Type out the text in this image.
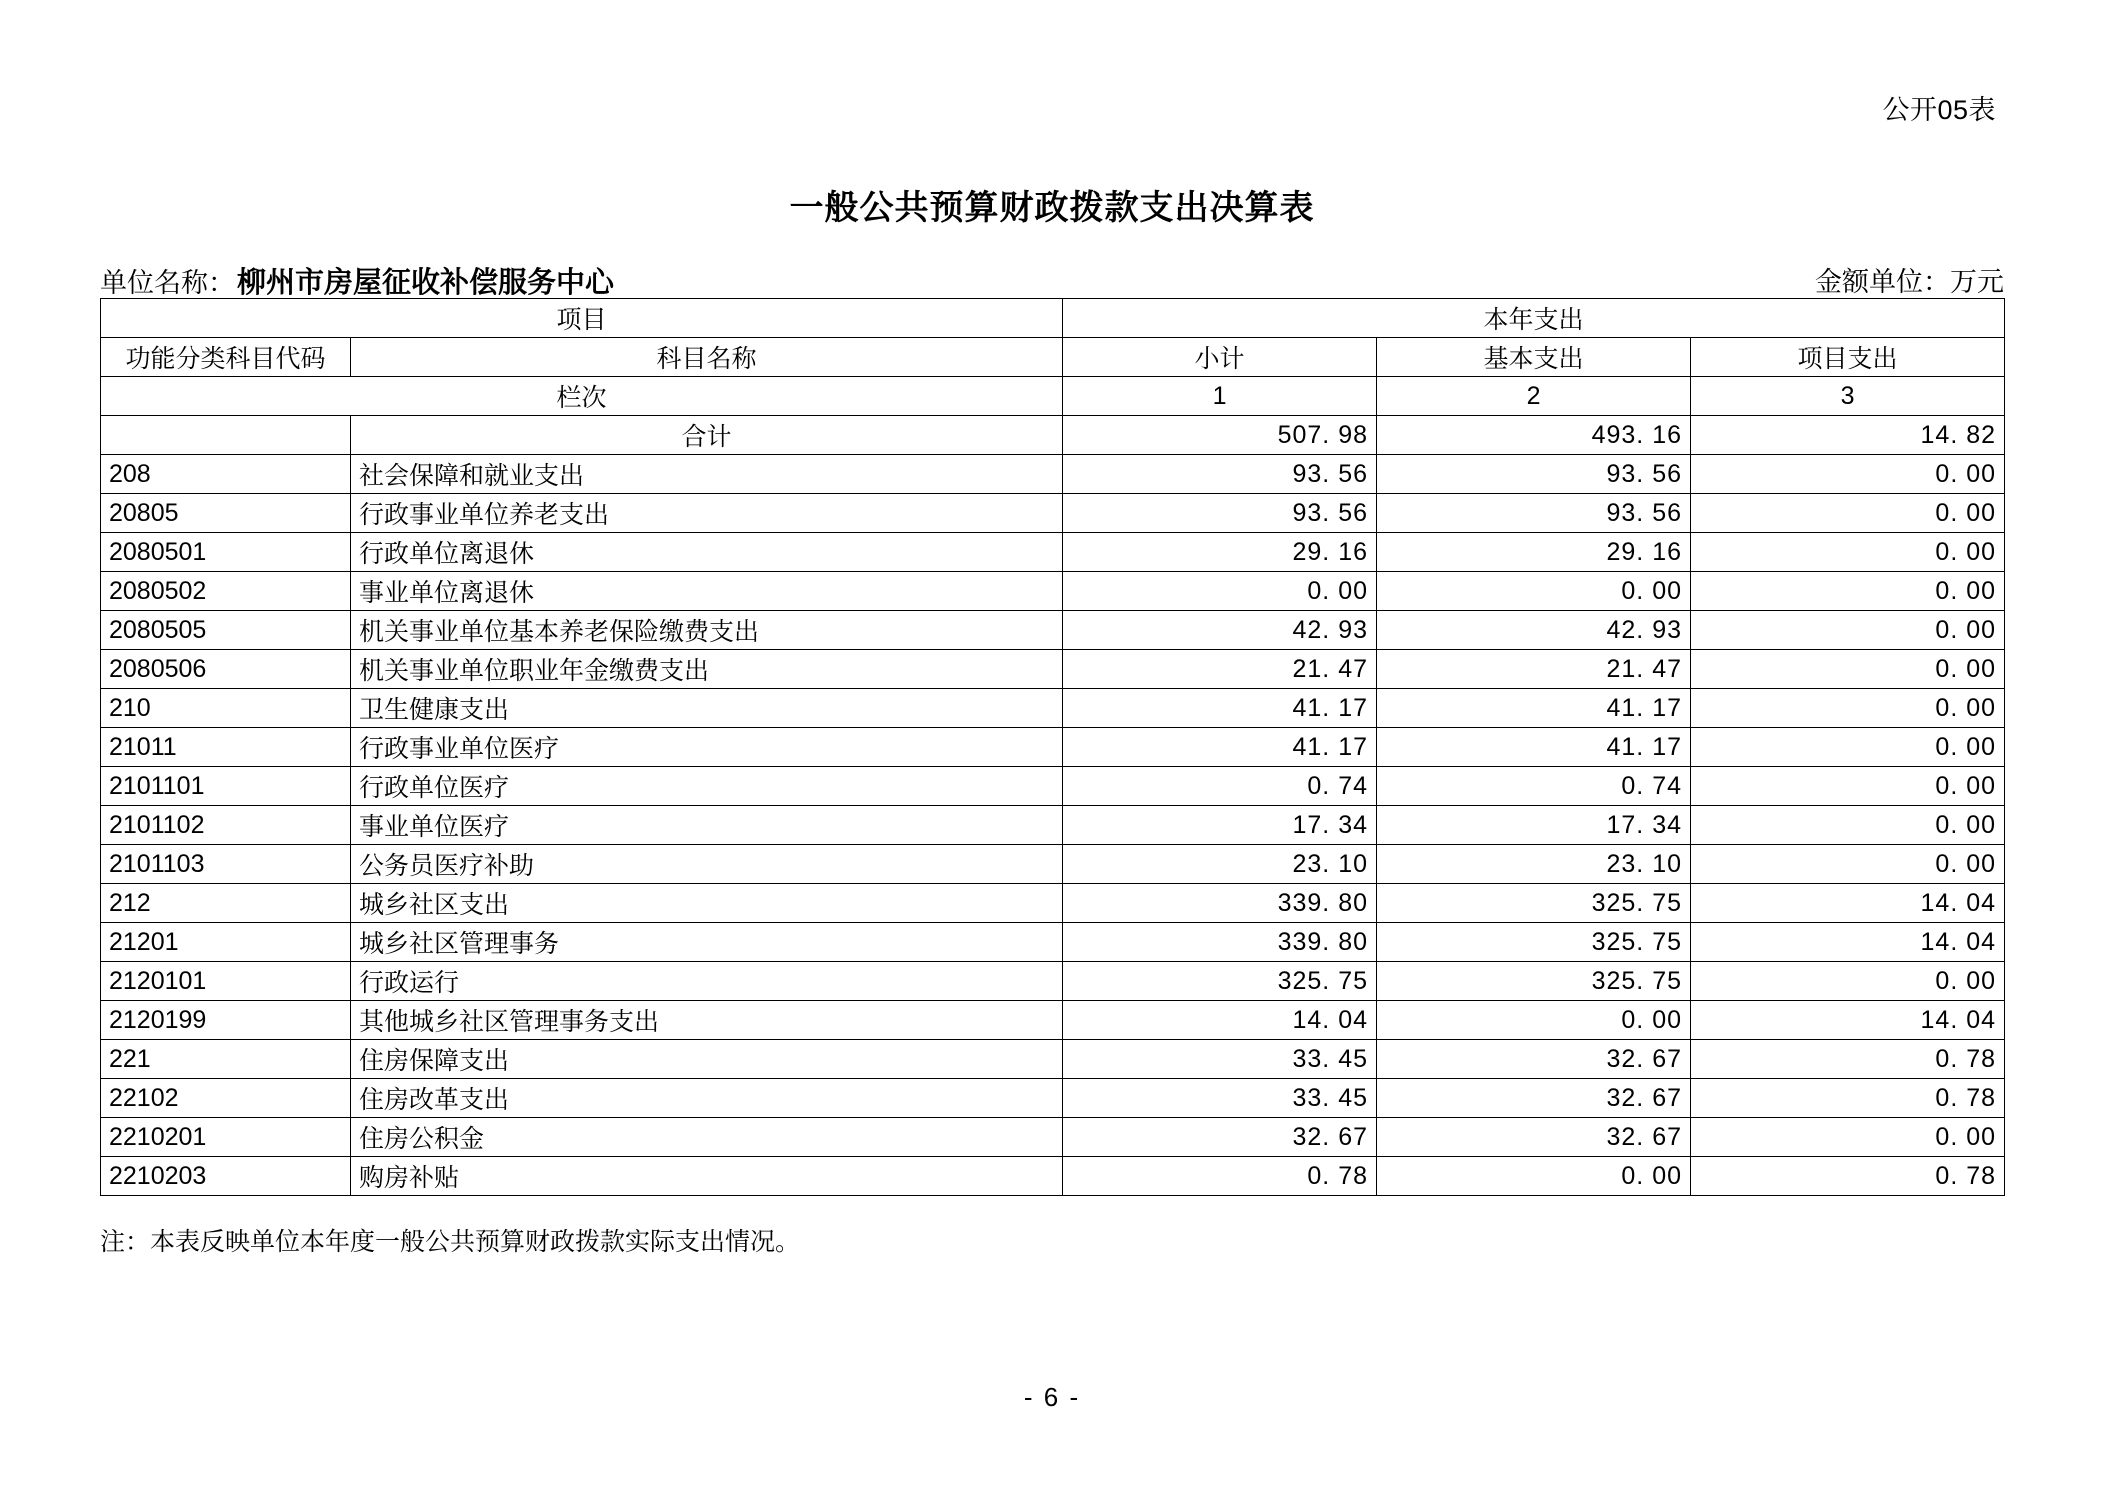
公开05表
一般公共预算财政拨款支出决算表
单位名称： 柳州市房屋征收补偿服务中心	金额单位：万元
项目		本年支出		
功能分类科目代码	科目名称	小计	基本支出	项目支出
栏次		1	2	3
	合计	507. 98	493. 16	14. 82
208	社会保障和就业支出	93. 56	93. 56	0. 00
20805	行政事业单位养老支出	93. 56	93. 56	0. 00
2080501	行政单位离退休	29. 16	29. 16	0. 00
2080502	事业单位离退休	0. 00	0. 00	0. 00
2080505	机关事业单位基本养老保险缴费支出	42. 93	42. 93	0. 00
2080506	机关事业单位职业年金缴费支出	21. 47	21. 47	0. 00
210	卫生健康支出	41. 17	41. 17	0. 00
21011	行政事业单位医疗	41. 17	41. 17	0. 00
2101101	行政单位医疗	0. 74	0. 74	0. 00
2101102	事业单位医疗	17. 34	17. 34	0. 00
2101103	公务员医疗补助	23. 10	23. 10	0. 00
212	城乡社区支出	339. 80	325. 75	14. 04
21201	城乡社区管理事务	339. 80	325. 75	14. 04
2120101	行政运行	325. 75	325. 75	0. 00
2120199	其他城乡社区管理事务支出	14. 04	0. 00	14. 04
221	住房保障支出	33. 45	32. 67	0. 78
22102	住房改革支出	33. 45	32. 67	0. 78
2210201	住房公积金	32. 67	32. 67	0. 00
2210203	购房补贴	0. 78	0. 00	0. 78
注：本表反映单位本年度一般公共预算财政拨款实际支出情况。
- 6 -
